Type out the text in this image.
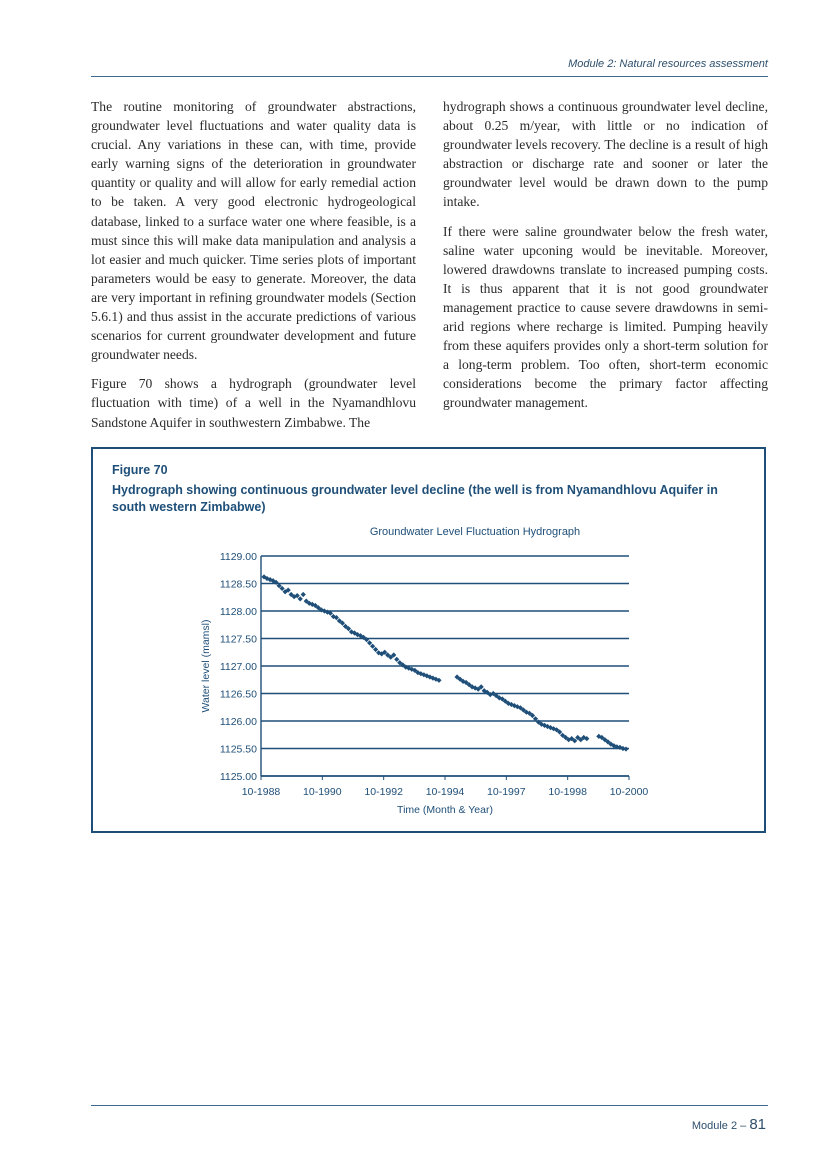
Module 2: Natural resources assessment

The routine monitoring of groundwater abstractions, groundwater level fluctuations and water quality data is crucial. Any variations in these can, with time, provide early warning signs of the deterioration in groundwater quantity or quality and will allow for early remedial action to be taken. A very good electronic hydrogeological database, linked to a surface water one where feasible, is a must since this will make data manipulation and analysis a lot easier and much quicker. Time series plots of important parameters would be easy to generate. Moreover, the data are very important in refining groundwater models (Section 5.6.1) and thus assist in the accurate predictions of various scenarios for current groundwater development and future groundwater needs.

Figure 70 shows a hydrograph (groundwater level fluctuation with time) of a well in the Nyamandhlovu Sandstone Aquifer in southwestern Zimbabwe. The

hydrograph shows a continuous groundwater level decline, about 0.25 m/year, with little or no indication of groundwater levels recovery. The decline is a result of high abstraction or discharge rate and sooner or later the groundwater level would be drawn down to the pump intake.

If there were saline groundwater below the fresh water, saline water upconing would be inevitable. Moreover, lowered drawdowns translate to increased pumping costs. It is thus apparent that it is not good groundwater management practice to cause severe drawdowns in semi-arid regions where recharge is limited. Pumping heavily from these aquifers provides only a short-term solution for a long-term problem. Too often, short-term economic considerations become the primary factor affecting groundwater management.

Figure 70
Hydrograph showing continuous groundwater level decline (the well is from Nyamandhlovu Aquifer in south western Zimbabwe)
Groundwater Level Fluctuation Hydrograph
1125.00
1125.50
1126.00
1126.50
1127.00
1127.50
1128.00
1128.50
1129.00
10-1988 10-1990 10-1992 10-1994 10-1997 10-1998 10-2000
Time (Month & Year)
Water level (mamsl)
Module 2 – 81
